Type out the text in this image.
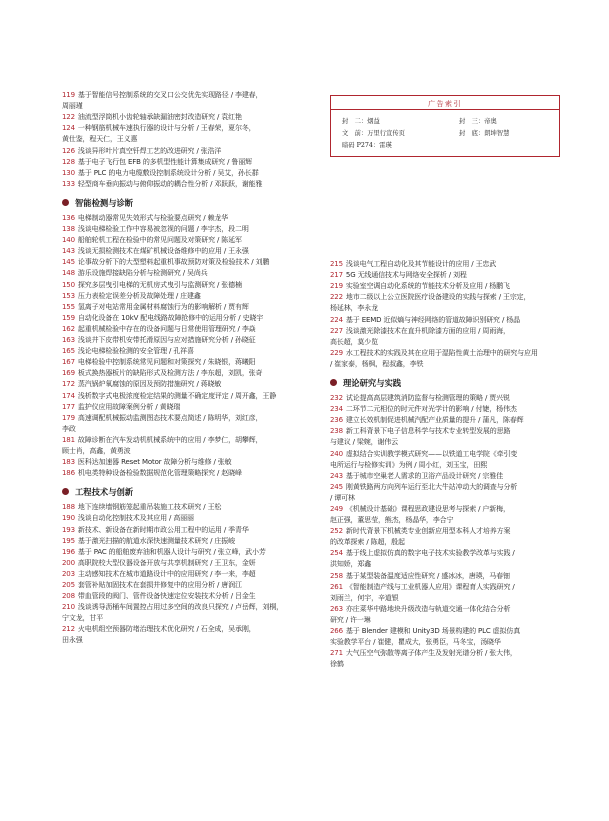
119 基于智能信号控制系统的交叉口公交优先实现路径 / 李建春，
周丽瑾
122 油流型浮筒机小齿轮轴承缺漏油密封改造研究 / 袁红艳
124 一种钢筋机械车速执行器的设计与分析 / 王春荣，夏尔冬，
黄仕鉴，程天仁，王义惠
126 浅谈异形叶片真空钎焊工艺的改进研究 / 张浩洋
128 基于电子飞行包 EFB 的多机型性能计算集成研究 / 鲁丽辉
130 基于 PLC 的电力电缆敷设控制系统设计分析 / 吴艾，孙长群
133 轻型商车垂向振动与俯仰振动的耦合性分析 / 邓跃跃，谢能雅
智能检测与诊断
136 电梯制动器常见失效形式与检验要点研究 / 赖龙华
138 浅谈电梯检验工作中容易被忽视的问题 / 李宇杰，段二明
140 船舶轮机工程在检验中的常见问题及对策研究 / 陈延军
143 浅谈无损检测技术在煤矿机械设备维修中的应用 / 王永强
145 论事故分析下的大型塑料起重机事故预防对策及检验技术 / 刘鹏
148 游乐设施焊接缺陷分析与检测研究 / 吴尚兵
150 探究多层曳引电梯的无机房式曳引与监测研究 / 张德楠
153 压力表检定误差分析及故障处理 / 庄建鑫
155 氢离子对电站常用金属材料腐蚀行为的影响解析 / 贾有辉
159 自动化设备在 10kV 配电线路故障抢修中的运用分析 / 史晓宇
162 起重机械检验中存在的设备问题与日常使用管理研究 / 李焱
163 浅谈井下皮带机安带托滑原因与应对措施研究分析 / 孙晓征
165 浅论电梯检验检测的安全管理 / 孔祥喜
167 电梯检验中控制系统常见问题和对策探究 / 朱晓银，蒋曦阳
169 板式换热器板片的缺陷形式及检测方法 / 李东超，刘凯，张奇
172 蒸汽锅炉氧腐蚀的原因及预防措施研究 / 蒋晓敏
174 浅析数字式电极浓度检定结果的测量不确定度评定 / 周开鑫，王静
177 监护仪应用故障案例分析 / 黄晓瑞
179 高速调配机械振动监测图态技术要点简述 / 陈明华，刘红彦，
李政
181 故障诊断在汽车发动机机械系统中的应用 / 李梦仁，胡攀辉，
顾士肖，高鑫，黄勇波
183 医科达加速器 Reset Motor 故障分析与维修 / 张敏
186 机电类特种设备检验数据规范化管理策略探究 / 赵晓峰
工程技术与创新
188 地下连续墙钢筋笼起重吊装施工技术研究 / 王松
190 浅谈自动化控制技术及其应用 / 高丽丽
193 新技术、新设备在新时期市政公用工程中的运用 / 季青华
195 基于激光扫描的航道水深快速测量技术研究 / 庄振峻
196 基于 PAC 的船舶废弃油和机器人设计与研究 / 张立峰，武小芳
200 高职院校大型仪器设备开放与共享机制研究 / 王卫东，金妍
203 主动感知技术在城市道路设计中的应用研究 / 李一来，李超
205 套管补贴加固技术在套损井修复中的应用分析 / 唐润江
208 带血管段的阀门、管件设备快速定位安装技术分析 / 吕金生
210 浅谈诱导沥桶车间置控占用过多空间的改良只探究 / 卢岳辉，刘桐，
宁文龙，甘平
212 火电机组空预器防堵治理技术优化研究 / 石全成，吴承刚，
田永强
215 浅谈电气工程自动化及其节能设计的应用 / 王忠武
217 5G 无线通信技术与网络安全探析 / 刘程
219 实验室空调自动化系统的节能技术分析及应用 / 杨鹏飞
222 地市二级以上公立医院医疗设备建设的实践与探索 / 王宗定，
杨延林，李永龙
224 基于 EEMD 近似熵与神经网络的管道故障识别研究 / 杨晶
227 浅谈激光除漆技术在直升机除漆方面的应用 / 周雨海，
高长超，莫少览
229 水工程技术的实践及其在应用于湿陷性黄土治理中的研究与应用
/ 崔家泰，杨枫，程叔鑫，李铁
理论研究与实践
232 试论提高高层建筑消防监督与检测管理的策略 / 贾兴锐
234 二环节二元相位的时元件对光学计的影响 / 付婕，杨伟杰
236 建立长效机制促进机械汽配产业质量的提升 / 蒲凡，陈春辉
238 新工科背景下电子信息科学与技术专业转型发展的思路
与建议 / 梁婉，谢伟云
240 虚拟结合实训教学模式研究——以铁道工电学院《牵引变
电所运行与检修实训》为例 / 周小红，刘玉宝，田熙
243 基于城市空巢老人需求的卫浴产品设计研究 / 宗雅佳
245 刚黄铁路两方向列车运行至北大牛站冲动大的调查与分析
/ 谭可林
249 《机械设计基础》课程思政建设思考与探索 / 户新梅，
赵正强，董思莹，熊杰，杨晶华，李合宁
252 新时代背景下机械类专业创新应用型本科人才培养方案
的改革探索 / 陈超，殷起
254 基于线上虚拟仿真的数字电子技术实验教学改革与实践 /
洪知娇，郑鑫
258 基于某型装备温度适应性研究 / 盛冰冰，唐瑛，马春钿
261 《智能制造产线与工业机器人应用》课程育人实践研究 /
刘雨兰，何宇，辛道银
263 亦庄菜华中路地块升级改造与轨道交通一体化结合分析
研究 / 许一琳
266 基于 Blender 建模和 Unity3D 场景构建的 PLC 虚拟仿真
实验教学平台 / 崔健，瞿成大，张勇臣，马冬宝，汤晓华
271 大气压空气弥散等离子体产生及发射光谱分析 / 张大伟，
徐鹤
广告索引
封　二：烟益	封　三：帝奥
文　前：万里行宣传页	封　底：朗坤智慧
暗码 P274：雷瑛
